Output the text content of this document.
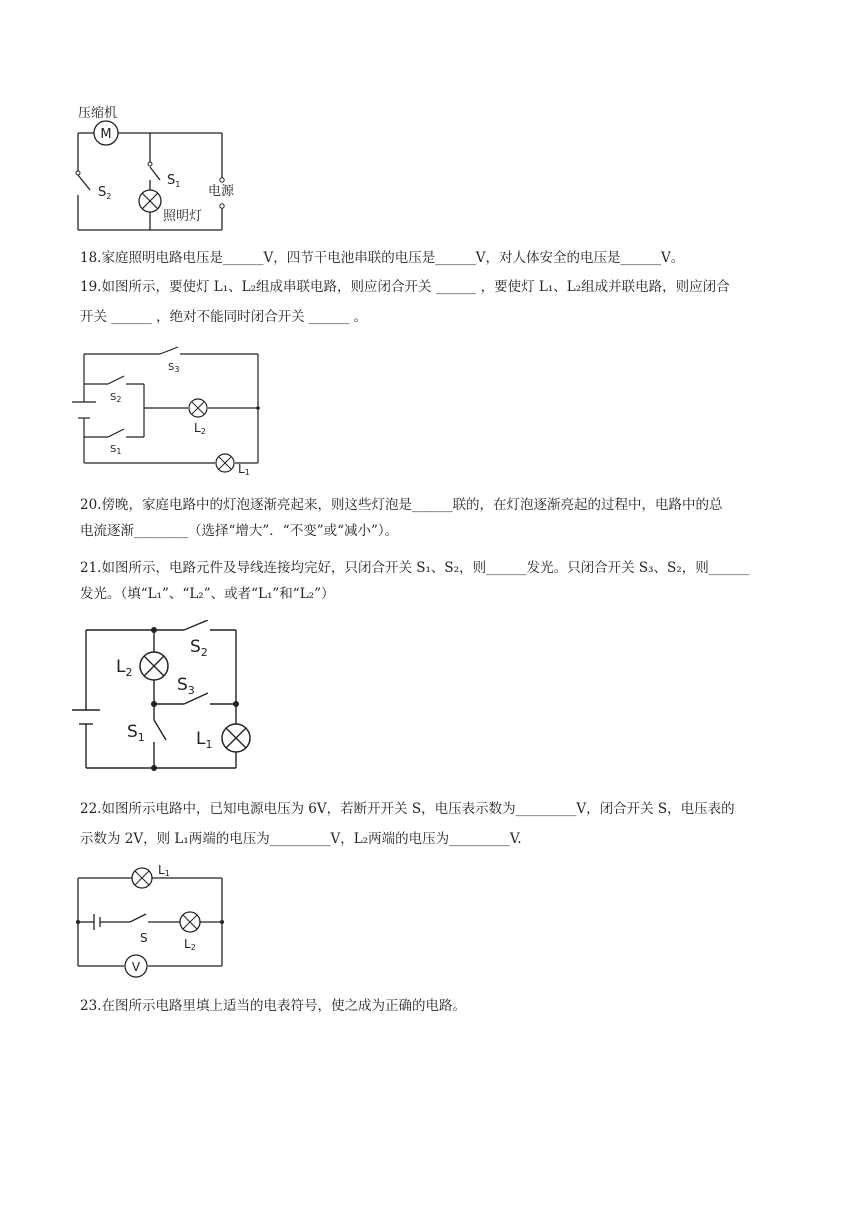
M
压缩机
$S_2$
$S_1$
照明灯
电源
18.家庭照明电路电压是______V，四节干电池串联的电压是______V，对人体安全的电压是______V。
19.如图所示，要使灯 L₁、L₂组成串联电路，则应闭合开关 ______ ，要使灯 L₁、L₂组成并联电路，则应闭合
开关 ______ ，绝对不能同时闭合开关 ______ 。
$S_3$
$S_2$
$S_1$
L2
L1
20.傍晚，家庭电路中的灯泡逐渐亮起来，则这些灯泡是______联的，在灯泡逐渐亮起的过程中，电路中的总
电流逐渐________（选择“增大”．“不变”或“减小”）。
21.如图所示，电路元件及导线连接均完好，只闭合开关 S₁、S₂，则______发光。只闭合开关 S₃、S₂，则______
发光。（填“L₁”、“L₂”、或者“L₁”和“L₂”）
$S_2$
$S_3$
$S_1$
$L_2$
$L_1$
22.如图所示电路中，已知电源电压为 6V，若断开开关 S，电压表示数为_________V，闭合开关 S，电压表的
示数为 2V，则 L₁两端的电压为_________V，L₂两端的电压为_________V.
V
L1
S	L2
23.在图所示电路里填上适当的电表符号，使之成为正确的电路。
